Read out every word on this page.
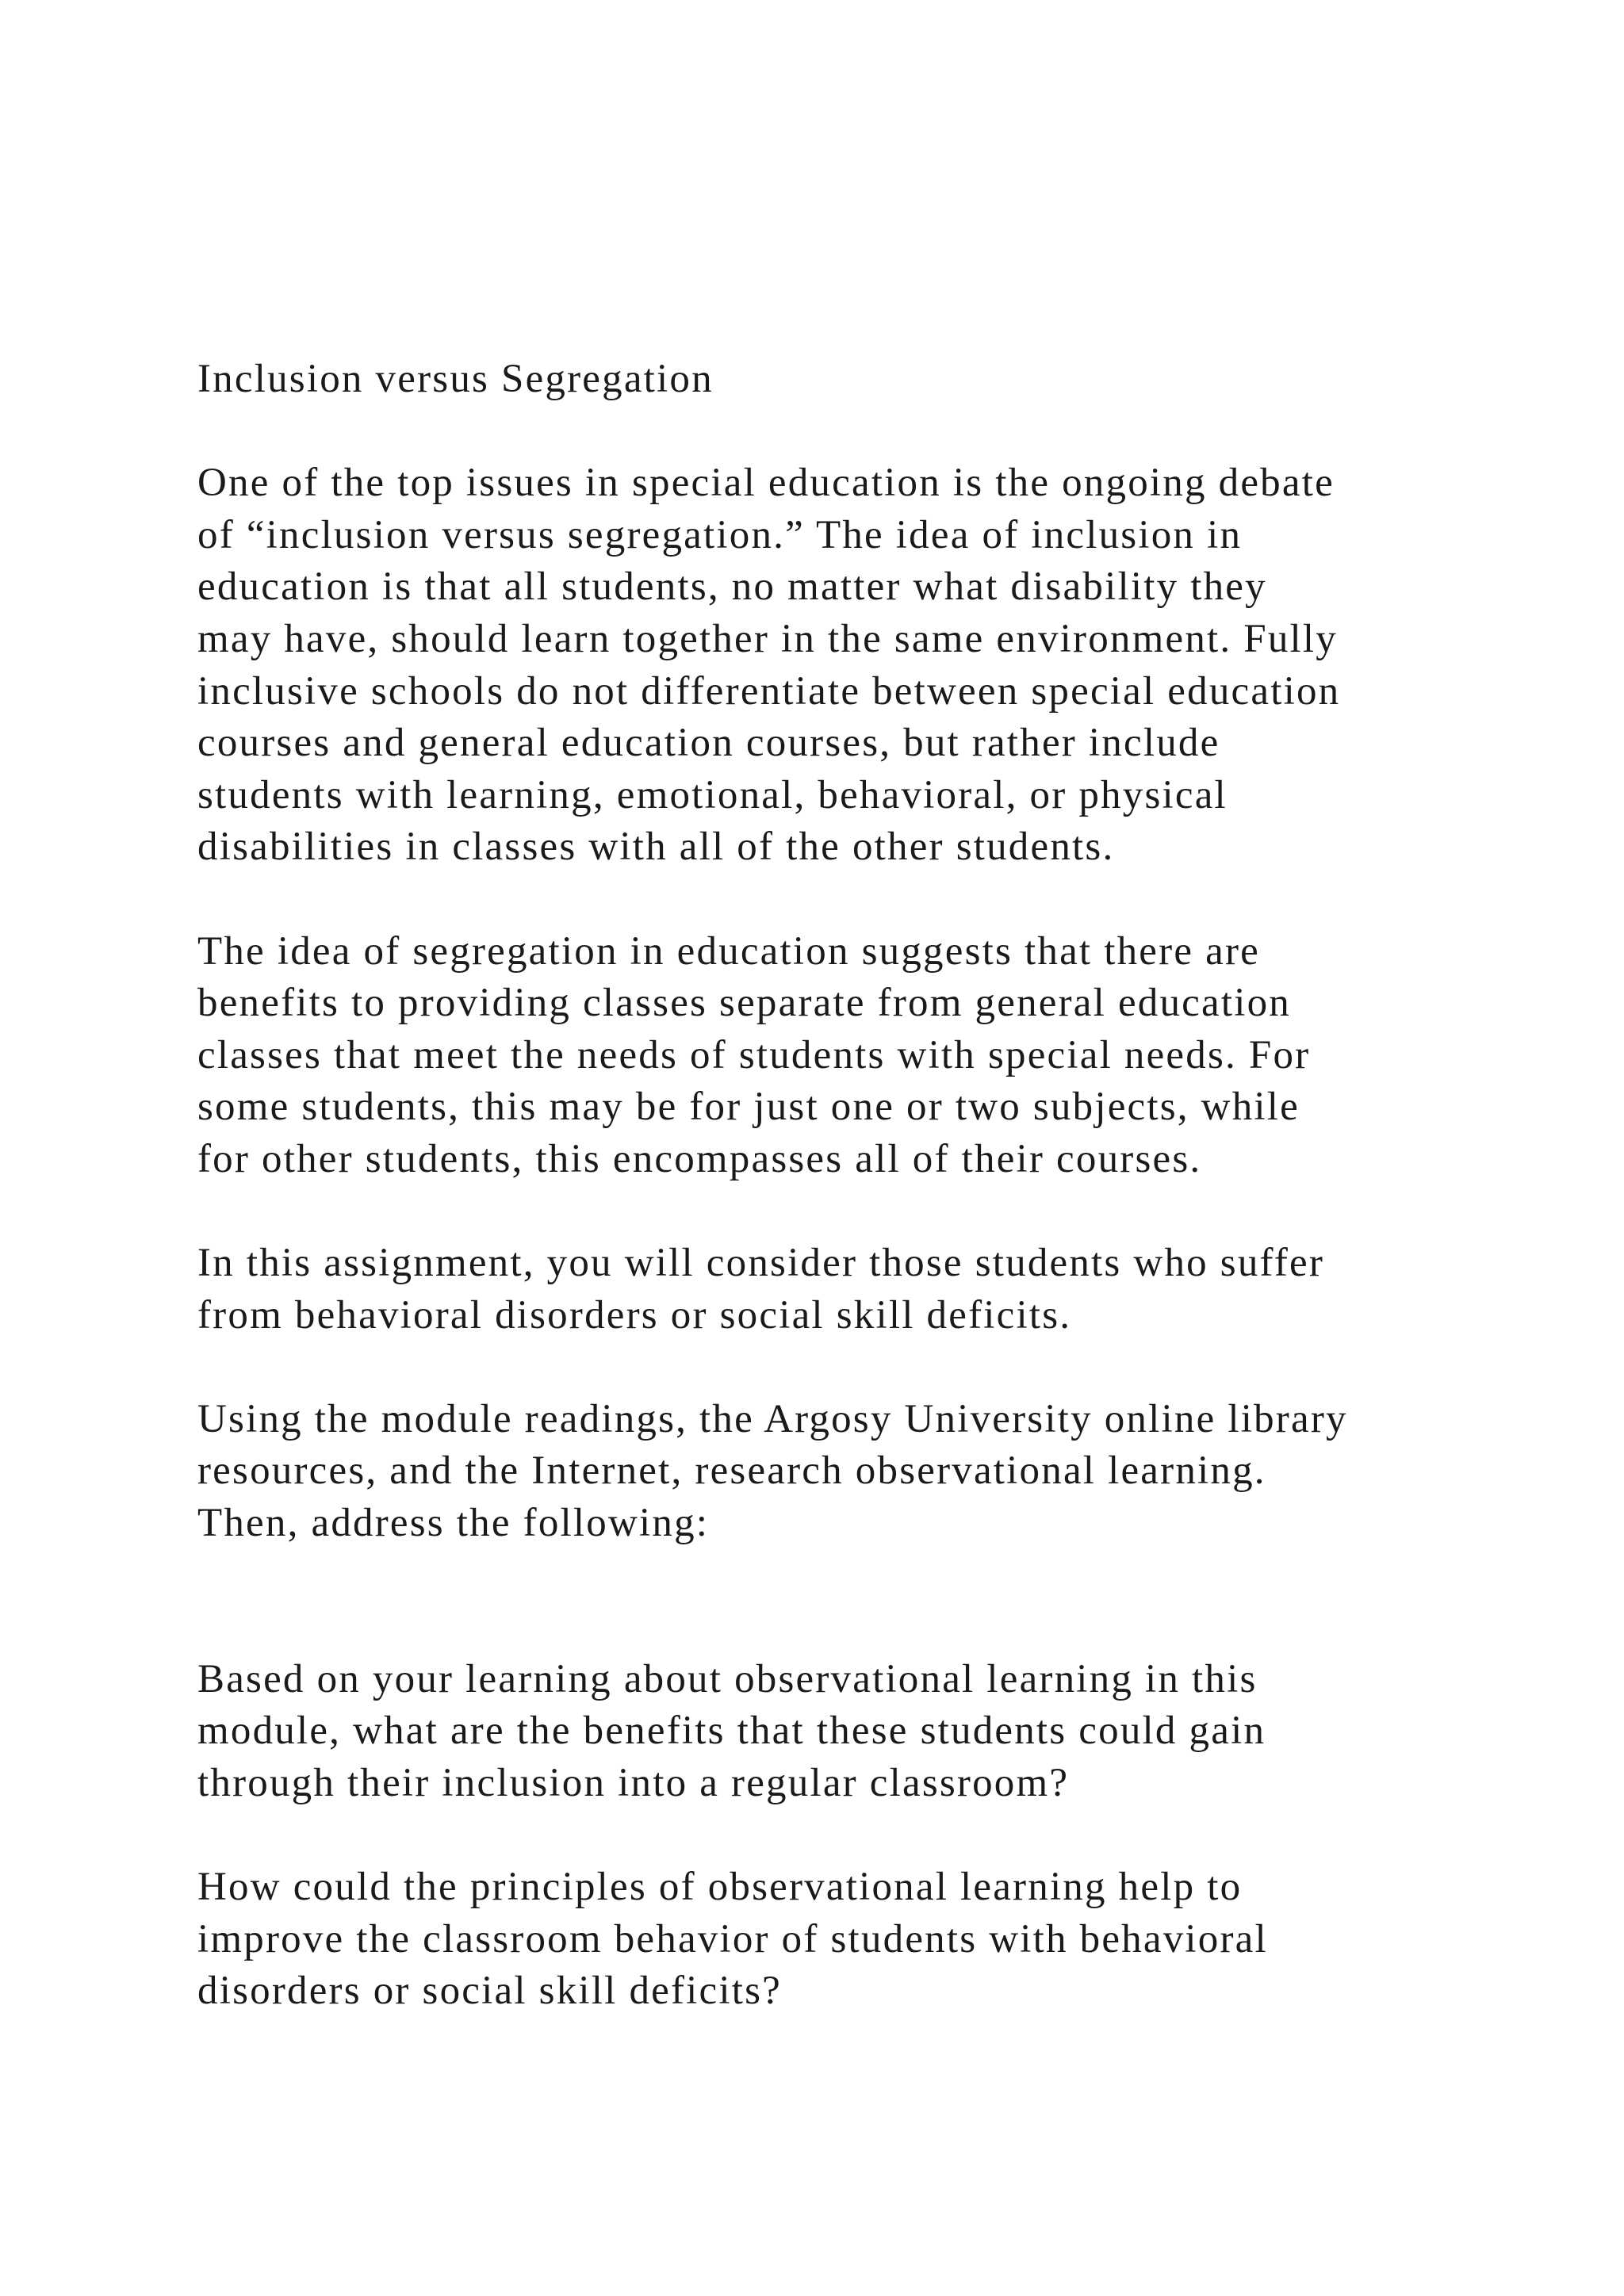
Inclusion versus Segregation
One of the top issues in special education is the ongoing debate
of “inclusion versus segregation.” The idea of inclusion in
education is that all students, no matter what disability they
may have, should learn together in the same environment. Fully
inclusive schools do not differentiate between special education
courses and general education courses, but rather include
students with learning, emotional, behavioral, or physical
disabilities in classes with all of the other students.
The idea of segregation in education suggests that there are
benefits to providing classes separate from general education
classes that meet the needs of students with special needs. For
some students, this may be for just one or two subjects, while
for other students, this encompasses all of their courses.
In this assignment, you will consider those students who suffer
from behavioral disorders or social skill deficits.
Using the module readings, the Argosy University online library
resources, and the Internet, research observational learning.
Then, address the following:
Based on your learning about observational learning in this
module, what are the benefits that these students could gain
through their inclusion into a regular classroom?
How could the principles of observational learning help to
improve the classroom behavior of students with behavioral
disorders or social skill deficits?
